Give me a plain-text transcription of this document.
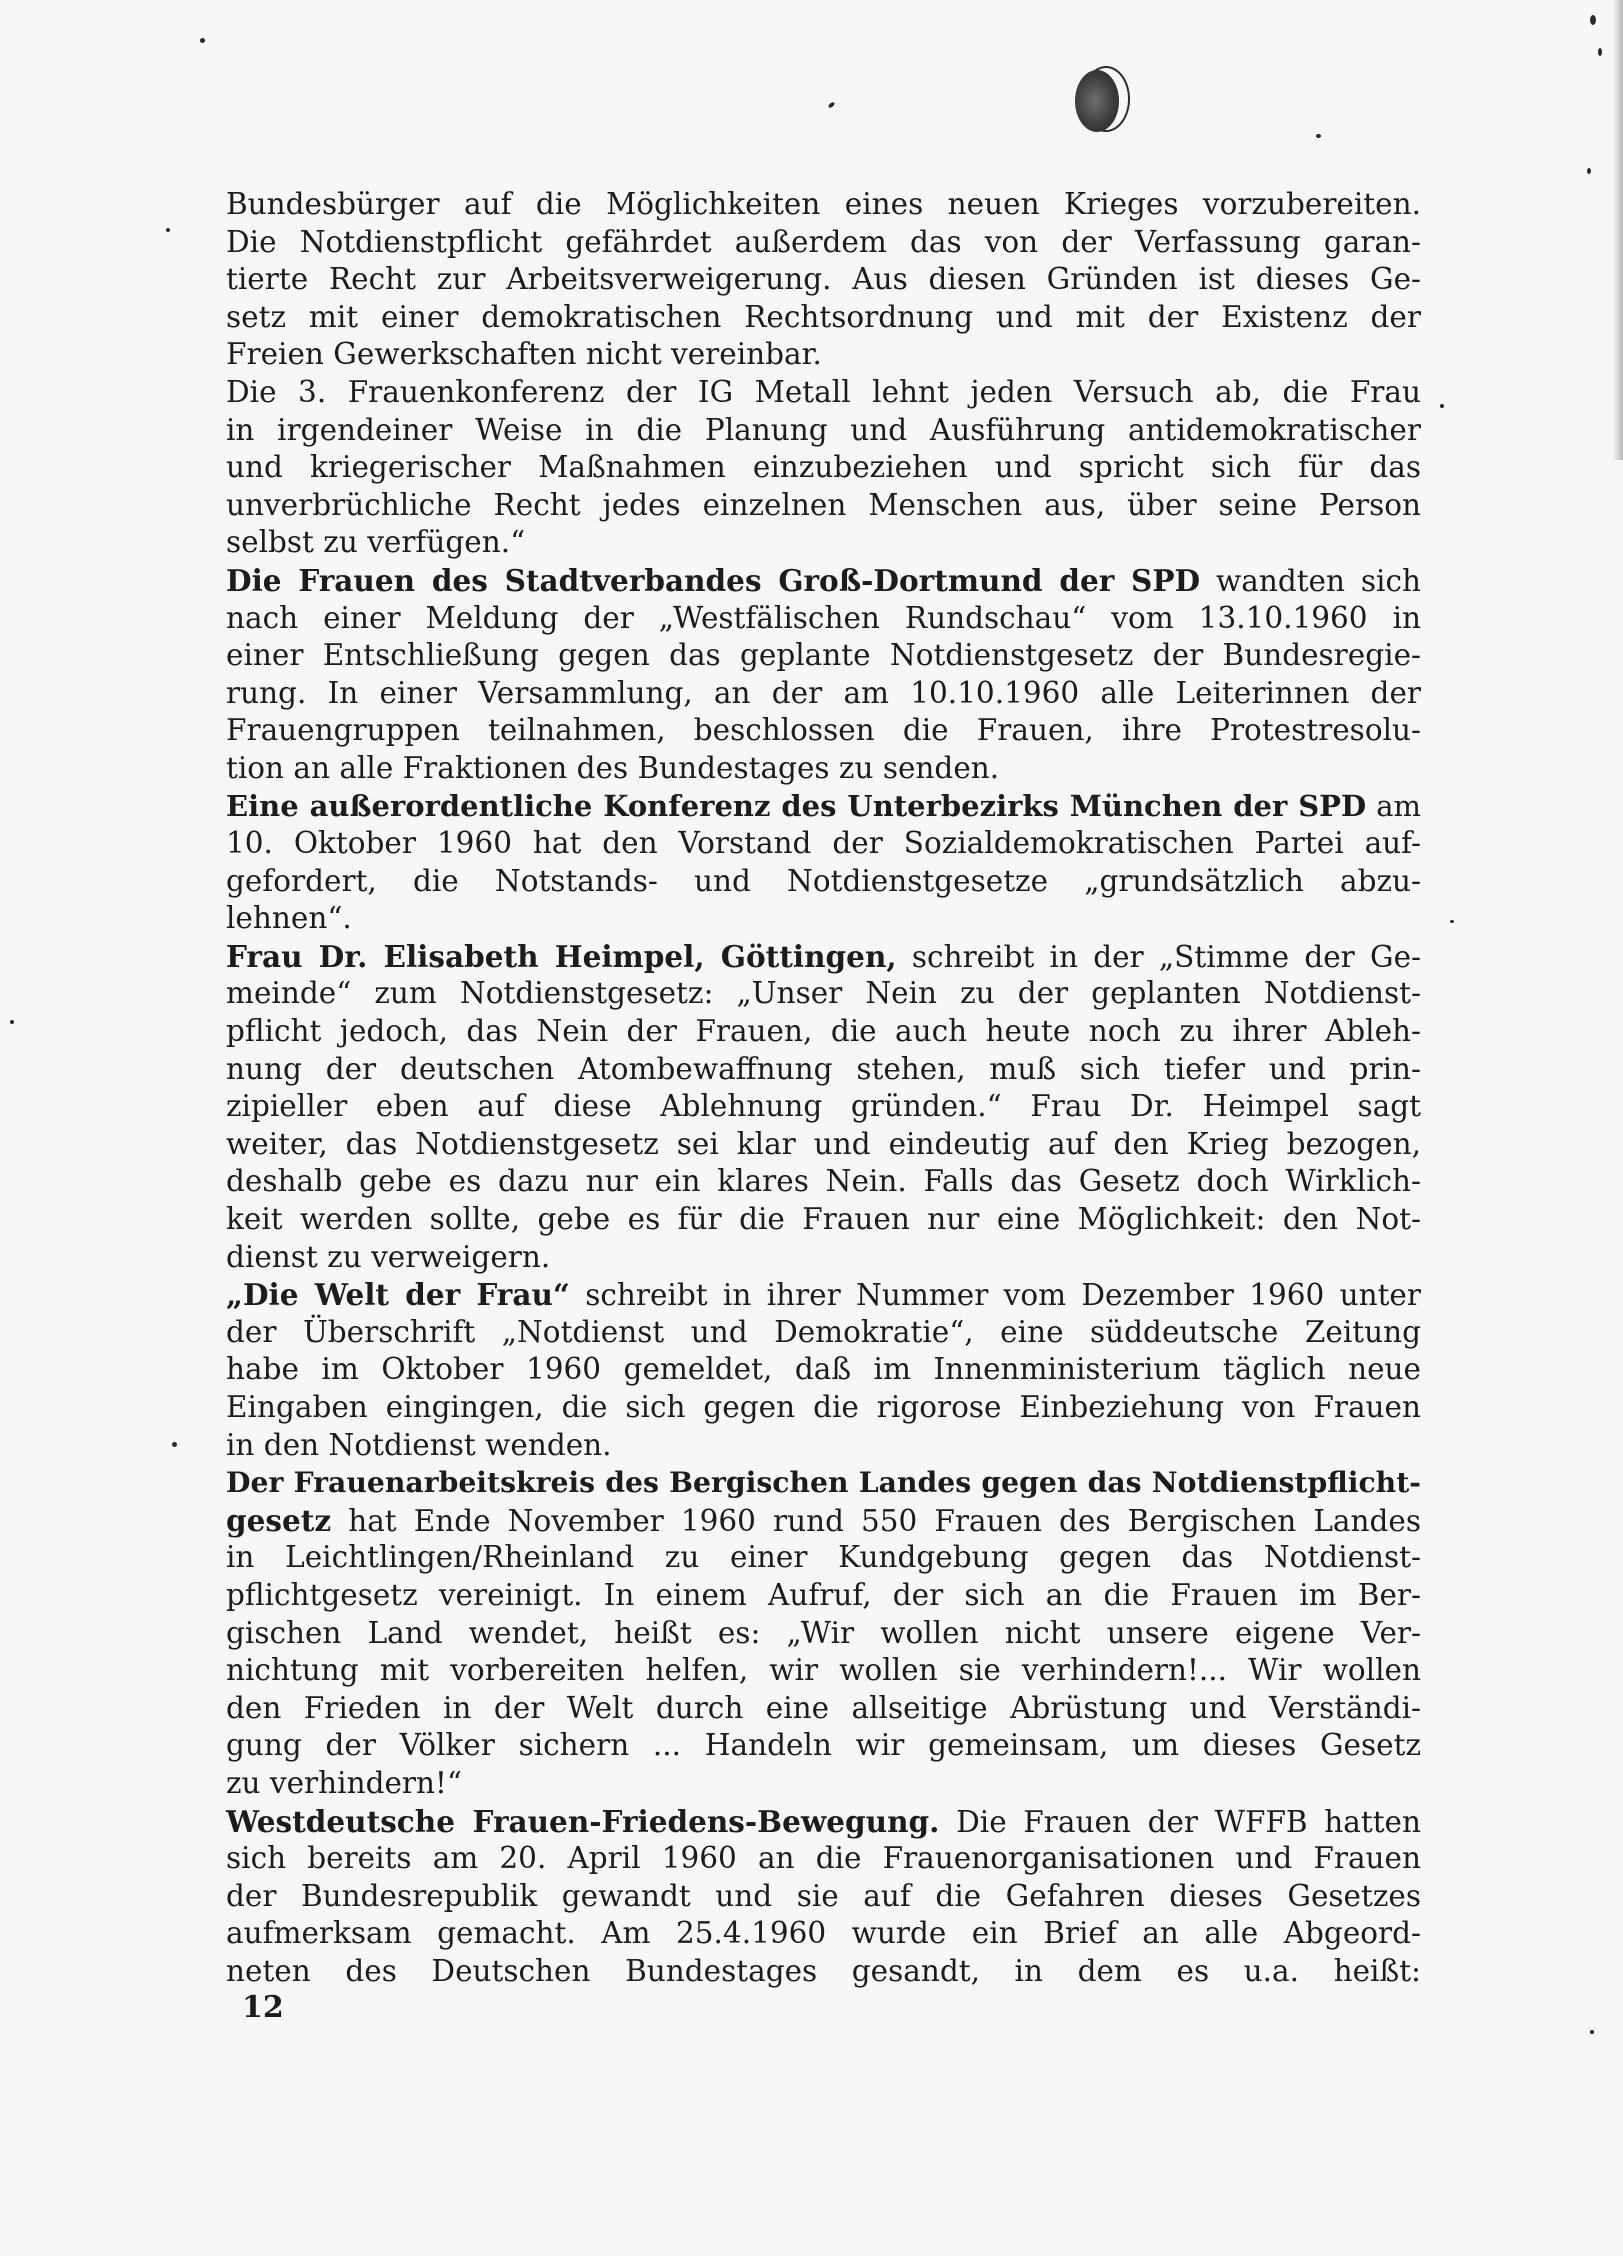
Bundesbürger auf die Möglichkeiten eines neuen Krieges vorzubereiten.
Die Notdienstpflicht gefährdet außerdem das von der Verfassung garan-
tierte Recht zur Arbeitsverweigerung. Aus diesen Gründen ist dieses Ge-
setz mit einer demokratischen Rechtsordnung und mit der Existenz der
Freien Gewerkschaften nicht vereinbar.
Die 3. Frauenkonferenz der IG Metall lehnt jeden Versuch ab, die Frau
in irgendeiner Weise in die Planung und Ausführung antidemokratischer
und kriegerischer Maßnahmen einzubeziehen und spricht sich für das
unverbrüchliche Recht jedes einzelnen Menschen aus, über seine Person
selbst zu verfügen.“
Die Frauen des Stadtverbandes Groß-Dortmund der SPD wandten sich
nach einer Meldung der „Westfälischen Rundschau“ vom 13.10.1960 in
einer Entschließung gegen das geplante Notdienstgesetz der Bundesregie-
rung. In einer Versammlung, an der am 10.10.1960 alle Leiterinnen der
Frauengruppen teilnahmen, beschlossen die Frauen, ihre Protestresolu-
tion an alle Fraktionen des Bundestages zu senden.
Eine außerordentliche Konferenz des Unterbezirks München der SPD am
10. Oktober 1960 hat den Vorstand der Sozialdemokratischen Partei auf-
gefordert, die Notstands- und Notdienstgesetze „grundsätzlich abzu-
lehnen“.
Frau Dr. Elisabeth Heimpel, Göttingen, schreibt in der „Stimme der Ge-
meinde“ zum Notdienstgesetz: „Unser Nein zu der geplanten Notdienst-
pflicht jedoch, das Nein der Frauen, die auch heute noch zu ihrer Ableh-
nung der deutschen Atombewaffnung stehen, muß sich tiefer und prin-
zipieller eben auf diese Ablehnung gründen.“ Frau Dr. Heimpel sagt
weiter, das Notdienstgesetz sei klar und eindeutig auf den Krieg bezogen,
deshalb gebe es dazu nur ein klares Nein. Falls das Gesetz doch Wirklich-
keit werden sollte, gebe es für die Frauen nur eine Möglichkeit: den Not-
dienst zu verweigern.
„Die Welt der Frau“ schreibt in ihrer Nummer vom Dezember 1960 unter
der Überschrift „Notdienst und Demokratie“, eine süddeutsche Zeitung
habe im Oktober 1960 gemeldet, daß im Innenministerium täglich neue
Eingaben eingingen, die sich gegen die rigorose Einbeziehung von Frauen
in den Notdienst wenden.
Der Frauenarbeitskreis des Bergischen Landes gegen das Notdienstpflicht-
gesetz hat Ende November 1960 rund 550 Frauen des Bergischen Landes
in Leichtlingen/Rheinland zu einer Kundgebung gegen das Notdienst-
pflichtgesetz vereinigt. In einem Aufruf, der sich an die Frauen im Ber-
gischen Land wendet, heißt es: „Wir wollen nicht unsere eigene Ver-
nichtung mit vorbereiten helfen, wir wollen sie verhindern!... Wir wollen
den Frieden in der Welt durch eine allseitige Abrüstung und Verständi-
gung der Völker sichern ... Handeln wir gemeinsam, um dieses Gesetz
zu verhindern!“
Westdeutsche Frauen-Friedens-Bewegung. Die Frauen der WFFB hatten
sich bereits am 20. April 1960 an die Frauenorganisationen und Frauen
der Bundesrepublik gewandt und sie auf die Gefahren dieses Gesetzes
aufmerksam gemacht. Am 25.4.1960 wurde ein Brief an alle Abgeord-
neten des Deutschen Bundestages gesandt, in dem es u.a. heißt:
12
